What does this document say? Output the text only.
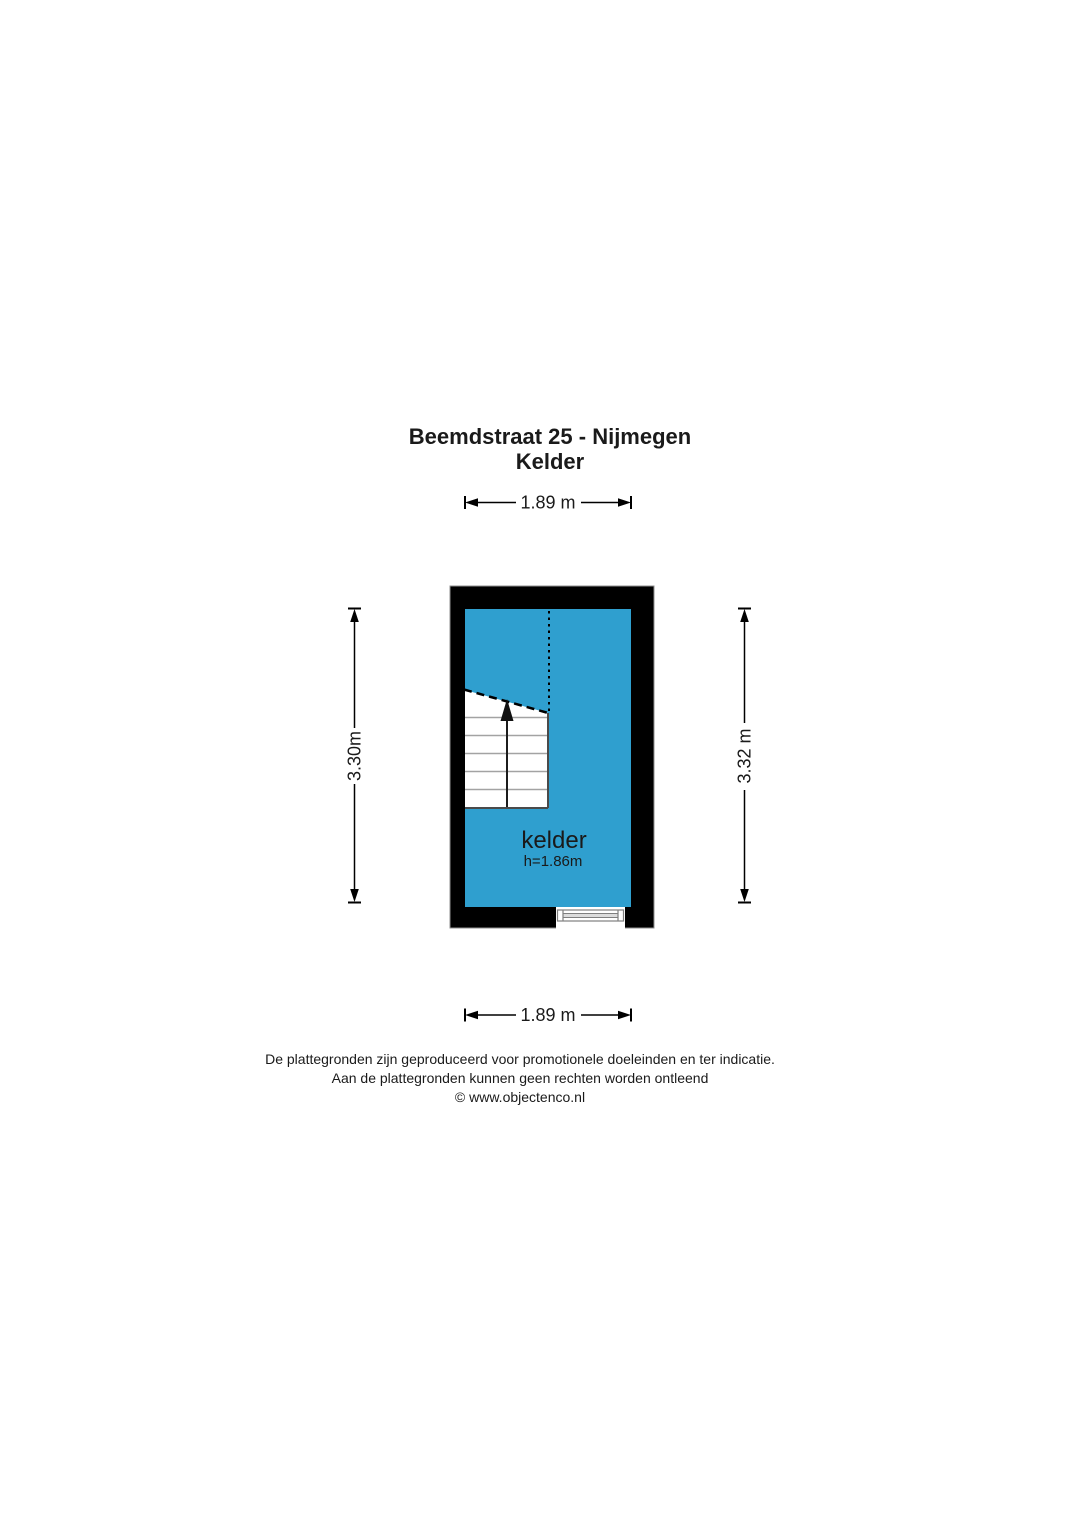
Beemdstraat 25 - Nijmegen
Kelder
1.89 m
3.30m	3.32 m
kelder
h=1.86m
1.89 m
De plattegronden zijn geproduceerd voor promotionele doeleinden en ter indicatie.
Aan de plattegronden kunnen geen rechten worden ontleend
© www.objectenco.nl
